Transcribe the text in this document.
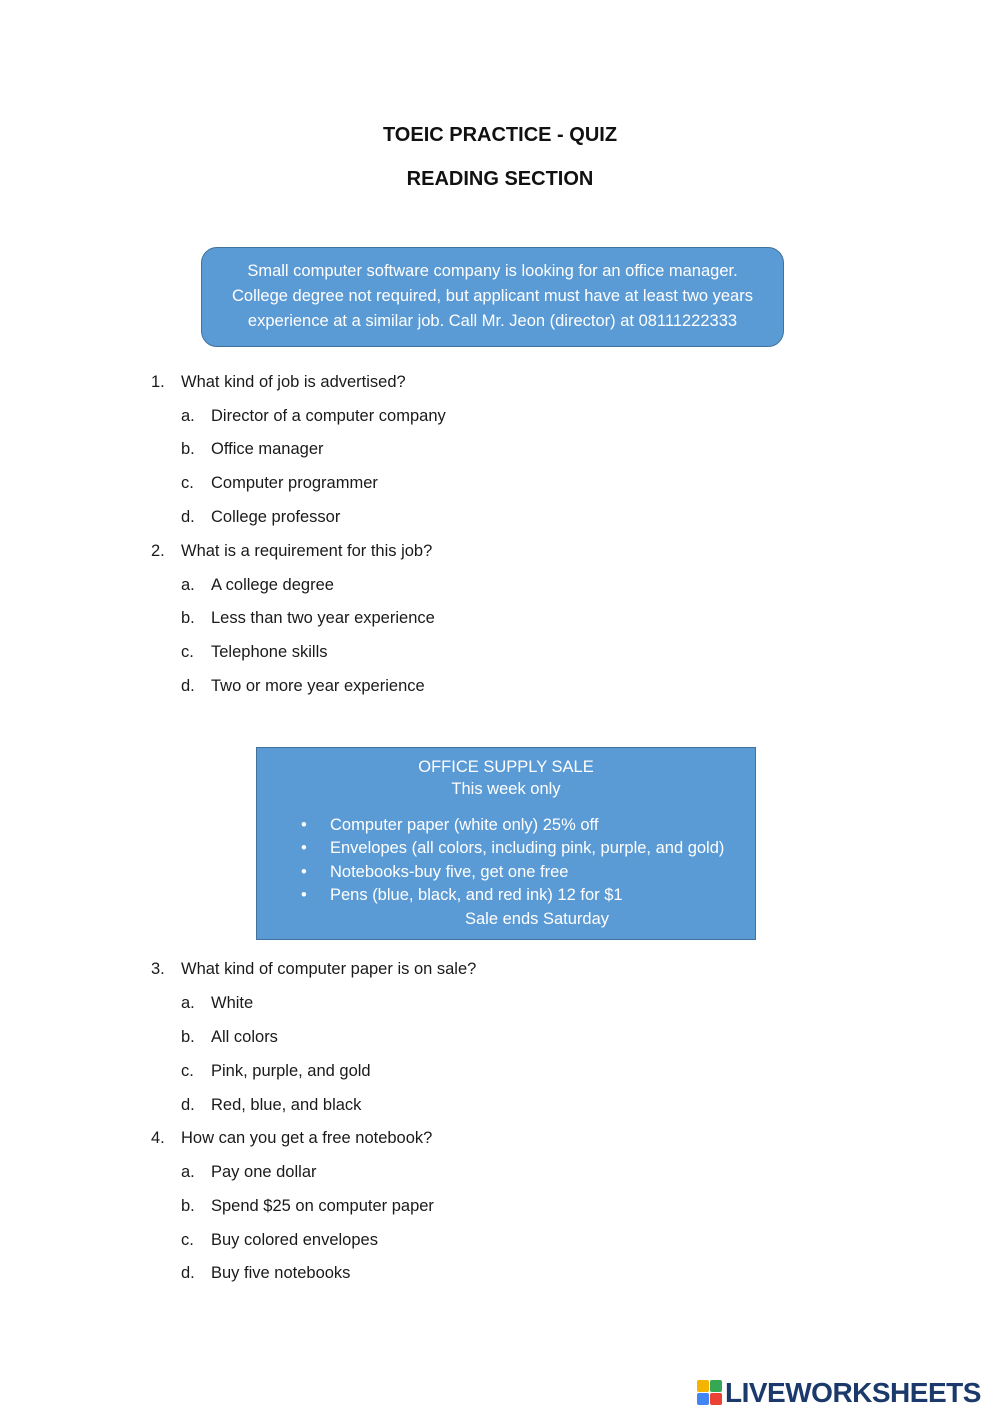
TOEIC PRACTICE - QUIZ
READING SECTION
Small computer software company is looking for an office manager.
College degree not required, but applicant must have at least two years
experience at a similar job. Call Mr. Jeon (director) at 08111222333
1. What kind of job is advertised?
a. Director of a computer company
b. Office manager
c. Computer programmer
d. College professor
2. What is a requirement for this job?
a. A college degree
b. Less than two year experience
c. Telephone skills
d. Two or more year experience
OFFICE SUPPLY SALE
This week only
• Computer paper (white only) 25% off
• Envelopes (all colors, including pink, purple, and gold)
• Notebooks-buy five, get one free
• Pens (blue, black, and red ink) 12 for $1
Sale ends Saturday
3. What kind of computer paper is on sale?
a. White
b. All colors
c. Pink, purple, and gold
d. Red, blue, and black
4. How can you get a free notebook?
a. Pay one dollar
b. Spend $25 on computer paper
c. Buy colored envelopes
d. Buy five notebooks
LIVEWORKSHEETS
